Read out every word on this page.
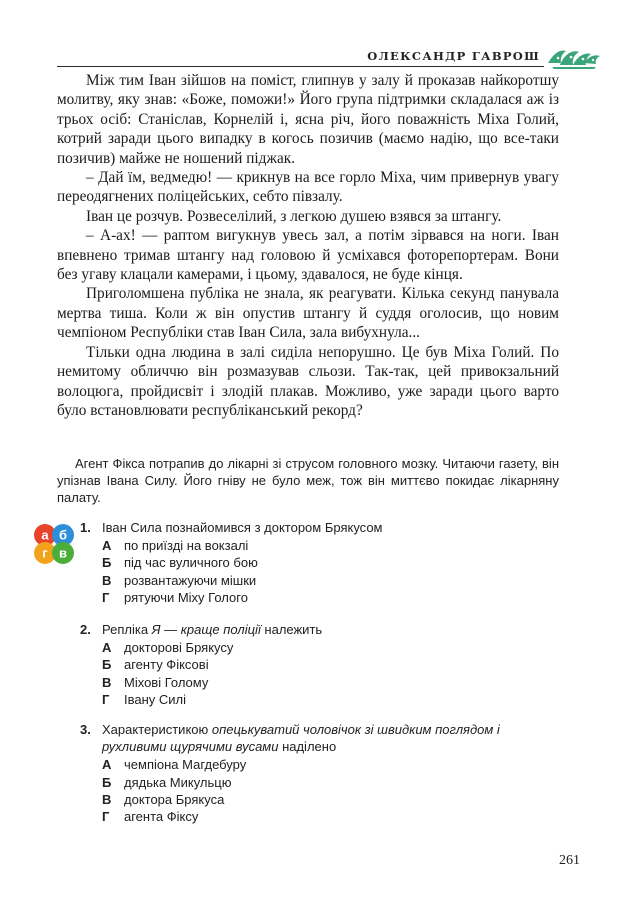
ОЛЕКСАНДР ГАВРОШ

Між тим Іван зійшов на поміст, глипнув у залу й проказав найкоротшу молитву, яку знав: «Боже, поможи!» Його група підтримки складалася аж із трьох осіб: Станіслав, Корнелій і, ясна річ, його поважність Міха Голий, котрий заради цього випадку в когось позичив (маємо надію, що все-таки позичив) майже не ношений піджак.

– Дай їм, ведмедю! — крикнув на все горло Міха, чим привернув увагу переодягнених поліцейських, себто півзалу.

Іван це розчув. Розвеселілий, з легкою душею взявся за штангу.

– А-ах! — раптом вигукнув увесь зал, а потім зірвався на ноги. Іван впевнено тримав штангу над головою й усміхався фоторепортерам. Вони без угаву клацали камерами, і цьому, здавалося, не буде кінця.

Приголомшена публіка не знала, як реагувати. Кілька секунд панувала мертва тиша. Коли ж він опустив штангу й суддя оголосив, що новим чемпіоном Республіки став Іван Сила, зала вибухнула...

Тільки одна людина в залі сиділа непорушно. Це був Міха Голий. По немитому обличчю він розмазував сльози. Так-так, цей привокзальний волоцюга, пройдисвіт і злодій плакав. Можливо, уже заради цього варто було встановлювати республіканський рекорд?

Агент Фікса потрапив до лікарні зі струсом головного мозку. Читаючи газету, він упізнав Івана Силу. Його гніву не було меж, тож він миттєво покидає лікарняну палату.
а б
г в
1. Іван Сила познайомився з доктором Брякусом
А по приїзді на вокзалі
Б під час вуличного бою
В розвантажуючи мішки
Г рятуючи Міху Голого
2. Репліка Я — краще поліції належить
А докторові Брякусу
Б агенту Фіксові
В Міхові Голому
Г Івану Силі
3. Характеристикою опецькуватий чоловічок зі швидким поглядом і рухливими щурячими вусами наділено
А чемпіона Магдебуру
Б дядька Микульцю
В доктора Брякуса
Г агента Фіксу
261
